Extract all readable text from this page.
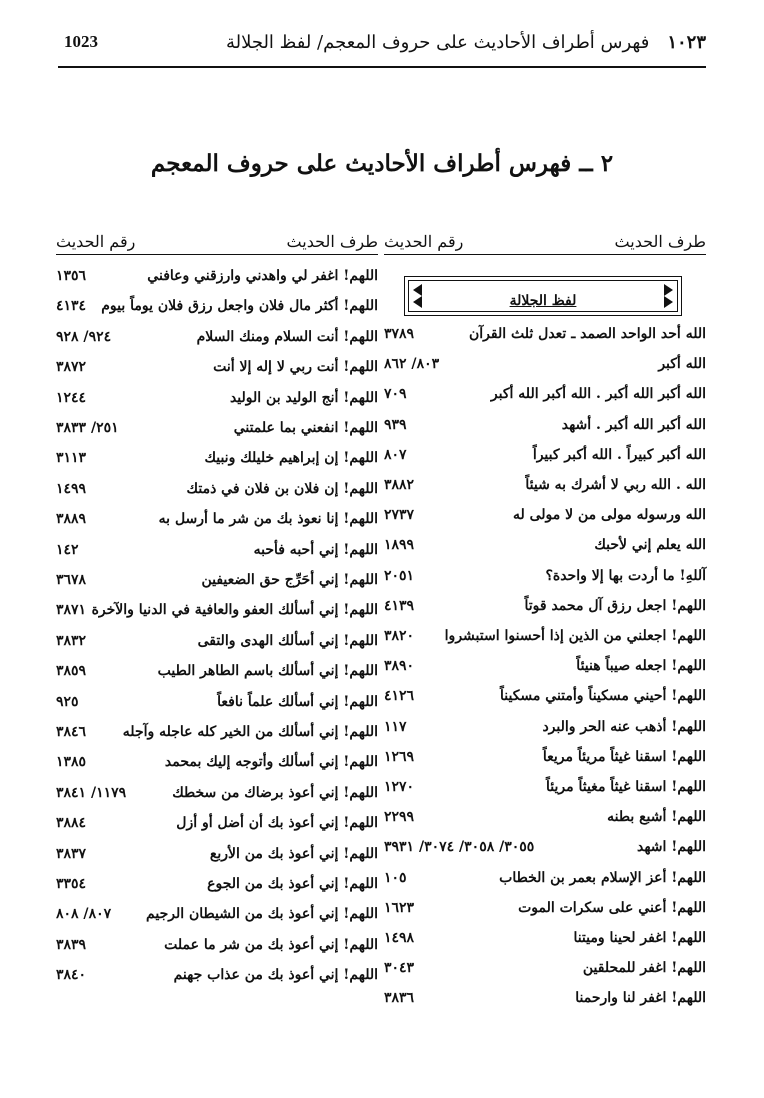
1023	١٠٢٣فهرس أطراف الأحاديث على حروف المعجم/ لفظ الجلالة
٢ ــ فهرس أطراف الأحاديث على حروف المعجم
طرف الحديث
رقم الحديث
طرف الحديث
رقم الحديث
لفظ الجلالة
الله أحد الواحد الصمد ـ تعدل ثلث القرآن
٣٧٨٩
الله أكبر
٨٠٣/ ٨٦٢
الله أكبر الله أكبر . الله أكبر الله أكبر
٧٠٩
الله أكبر الله أكبر . أشهد
٩٣٩
الله أكبر كبيراً . الله أكبر كبيراً
٨٠٧
الله . الله ربي لا أشرك به شيئاً
٣٨٨٢
الله ورسوله مولى من لا مولى له
٢٧٣٧
الله يعلم إني لأحبك
١٨٩٩
آللهِ! ما أردت بها إلا واحدة؟
٢٠٥١
اللهم! اجعل رزق آل محمد قوتاً
٤١٣٩
اللهم! اجعلني من الذين إذا أحسنوا استبشروا
٣٨٢٠
اللهم! اجعله صيباً هنيئاً
٣٨٩٠
اللهم! أحيني مسكيناً وأمتني مسكيناً
٤١٢٦
اللهم! أذهب عنه الحر والبرد
١١٧
اللهم! اسقنا غيثاً مريئاً مريعاً
١٢٦٩
اللهم! اسقنا غيثاً مغيثاً مريئاً
١٢٧٠
اللهم! أشبع بطنه
٢٢٩٩
اللهم! اشهد
٣٠٥٥/ ٣٠٥٨/ ٣٠٧٤/ ٣٩٣١
اللهم! أعز الإسلام بعمر بن الخطاب
١٠٥
اللهم! أعني على سكرات الموت
١٦٢٣
اللهم! اغفر لحينا وميتنا
١٤٩٨
اللهم! اغفر للمحلقين
٣٠٤٣
اللهم! اغفر لنا وارحمنا
٣٨٣٦
اللهم! اغفر لي واهدني وارزقني وعافني
١٣٥٦
اللهم! أكثر مال فلان واجعل رزق فلان يوماً بيوم
٤١٣٤
اللهم! أنت السلام ومنك السلام
٩٢٤/ ٩٢٨
اللهم! أنت ربي لا إله إلا أنت
٣٨٧٢
اللهم! أنج الوليد بن الوليد
١٢٤٤
اللهم! انفعني بما علمتني
٢٥١/ ٣٨٣٣
اللهم! إن إبراهيم خليلك ونبيك
٣١١٣
اللهم! إن فلان بن فلان في ذمتك
١٤٩٩
اللهم! إنا نعوذ بك من شر ما أرسل به
٣٨٨٩
اللهم! إني أحبه فأحبه
١٤٢
اللهم! إني أحَرِّج حق الضعيفين
٣٦٧٨
اللهم! إني أسألك العفو والعافية في الدنيا والآخرة
٣٨٧١
اللهم! إني أسألك الهدى والتقى
٣٨٣٢
اللهم! إني أسألك باسم الطاهر الطيب
٣٨٥٩
اللهم! إني أسألك علماً نافعاً
٩٢٥
اللهم! إني أسألك من الخير كله عاجله وآجله
٣٨٤٦
اللهم! إني أسألك وأتوجه إليك بمحمد
١٣٨٥
اللهم! إني أعوذ برضاك من سخطك
١١٧٩/ ٣٨٤١
اللهم! إني أعوذ بك أن أضل أو أزل
٣٨٨٤
اللهم! إني أعوذ بك من الأربع
٣٨٣٧
اللهم! إني أعوذ بك من الجوع
٣٣٥٤
اللهم! إني أعوذ بك من الشيطان الرجيم
٨٠٧/ ٨٠٨
اللهم! إني أعوذ بك من شر ما عملت
٣٨٣٩
اللهم! إني أعوذ بك من عذاب جهنم
٣٨٤٠
